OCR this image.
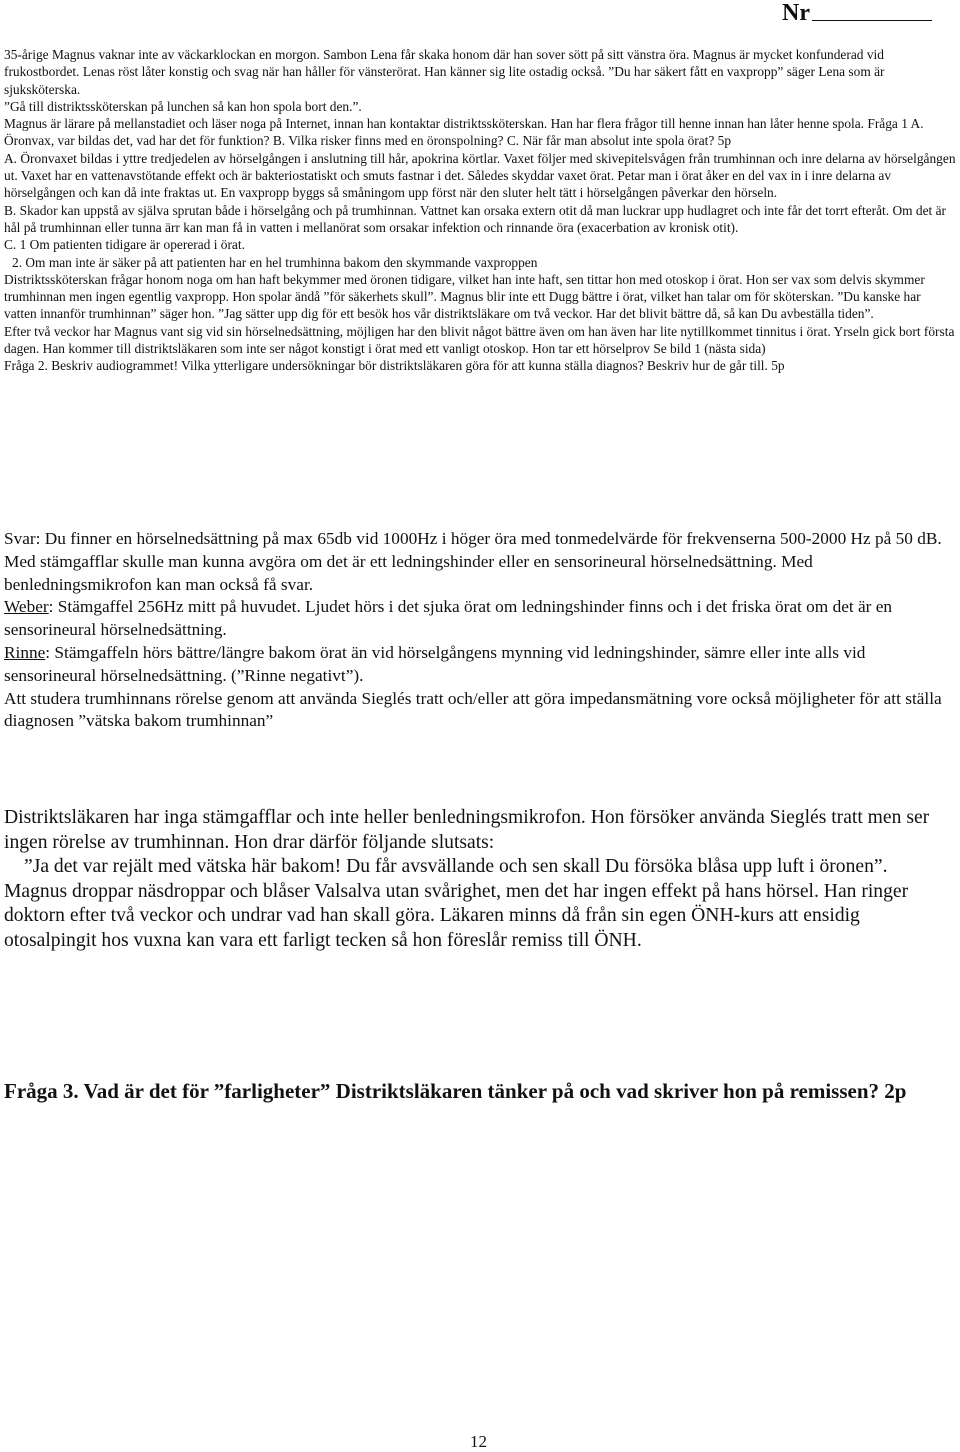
Nr

35-årige Magnus vaknar inte av väckarklockan en morgon. Sambon Lena får skaka honom där han sover sött på sitt vänstra öra. Magnus är mycket konfunderad vid frukostbordet. Lenas röst låter konstig och svag när han håller för vänsterörat. Han känner sig lite ostadig också. ”Du har säkert fått en vaxpropp” säger Lena som är sjuksköterska.

”Gå till distriktssköterskan på lunchen så kan hon spola bort den.”.

Magnus är lärare på mellanstadiet och läser noga på Internet, innan han kontaktar distriktssköterskan. Han har flera frågor till henne innan han låter henne spola. Fråga 1 A. Öronvax, var bildas det, vad har det för funktion? B. Vilka risker finns med en öronspolning? C. När får man absolut inte spola örat? 5p

A. Öronvaxet bildas i yttre tredjedelen av hörselgången i anslutning till hår, apokrina körtlar. Vaxet följer med skivepitelsvågen från trumhinnan och inre delarna av hörselgången ut. Vaxet har en vattenavstötande effekt och är bakteriostatiskt och smuts fastnar i det. Således skyddar vaxet örat. Petar man i örat åker en del vax in i inre delarna av hörselgången och kan då inte fraktas ut. En vaxpropp byggs så småningom upp först när den sluter helt tätt i hörselgången påverkar den hörseln.

B. Skador kan uppstå av själva sprutan både i hörselgång och på trumhinnan. Vattnet kan orsaka extern otit då man luckrar upp hudlagret och inte får det torrt efteråt. Om det är hål på trumhinnan eller tunna ärr kan man få in vatten i mellanörat som orsakar infektion och rinnande öra (exacerbation av kronisk otit).

C. 1 Om patienten tidigare är opererad i örat.

2. Om man inte är säker på att patienten har en hel trumhinna bakom den skymmande vaxproppen

Distriktssköterskan frågar honom noga om han haft bekymmer med öronen tidigare, vilket han inte haft, sen tittar hon med otoskop i örat. Hon ser vax som delvis skymmer trumhinnan men ingen egentlig vaxpropp. Hon spolar ändå ”för säkerhets skull”. Magnus blir inte ett Dugg bättre i örat, vilket han talar om för sköterskan. ”Du kanske har vatten innanför trumhinnan” säger hon. ”Jag sätter upp dig för ett besök hos vår distriktsläkare om två veckor. Har det blivit bättre då, så kan Du avbeställa tiden”.

Efter två veckor har Magnus vant sig vid sin hörselnedsättning, möjligen har den blivit något bättre även om han även har lite nytillkommet tinnitus i örat. Yrseln gick bort första dagen. Han kommer till distriktsläkaren som inte ser något konstigt i örat med ett vanligt otoskop. Hon tar ett hörselprov Se bild 1 (nästa sida)

Fråga 2. Beskriv audiogrammet! Vilka ytterligare undersökningar bör distriktsläkaren göra för att kunna ställa diagnos? Beskriv hur de går till. 5p

Svar: Du finner en hörselnedsättning på max 65db vid 1000Hz i höger öra med tonmedelvärde för frekvenserna 500-2000 Hz på 50 dB.

Med stämgafflar skulle man kunna avgöra om det är ett ledningshinder eller en sensorineural hörselnedsättning. Med benledningsmikrofon kan man också få svar.

Weber: Stämgaffel 256Hz mitt på huvudet. Ljudet hörs i det sjuka örat om ledningshinder finns och i det friska örat om det är en sensorineural hörselnedsättning.

Rinne: Stämgaffeln hörs bättre/längre bakom örat än vid hörselgångens mynning vid ledningshinder, sämre eller inte alls vid sensorineural hörselnedsättning. (”Rinne negativt”).

Att studera trumhinnans rörelse genom att använda Sieglés tratt och/eller att göra impedansmätning vore också möjligheter för att ställa diagnosen ”vätska bakom trumhinnan”

Distriktsläkaren har inga stämgafflar och inte heller benledningsmikrofon. Hon försöker använda Sieglés tratt men ser ingen rörelse av trumhinnan. Hon drar därför följande slutsats:

”Ja det var rejält med vätska här bakom! Du får avsvällande och sen skall Du försöka blåsa upp luft i öronen”.

Magnus droppar näsdroppar och blåser Valsalva utan svårighet, men det har ingen effekt på hans hörsel. Han ringer doktorn efter två veckor och undrar vad han skall göra. Läkaren minns då från sin egen ÖNH-kurs att ensidig otosalpingit hos vuxna kan vara ett farligt tecken så hon föreslår remiss till ÖNH.

Fråga 3. Vad är det för ”farligheter” Distriktsläkaren tänker på och vad skriver hon på remissen? 2p
12
